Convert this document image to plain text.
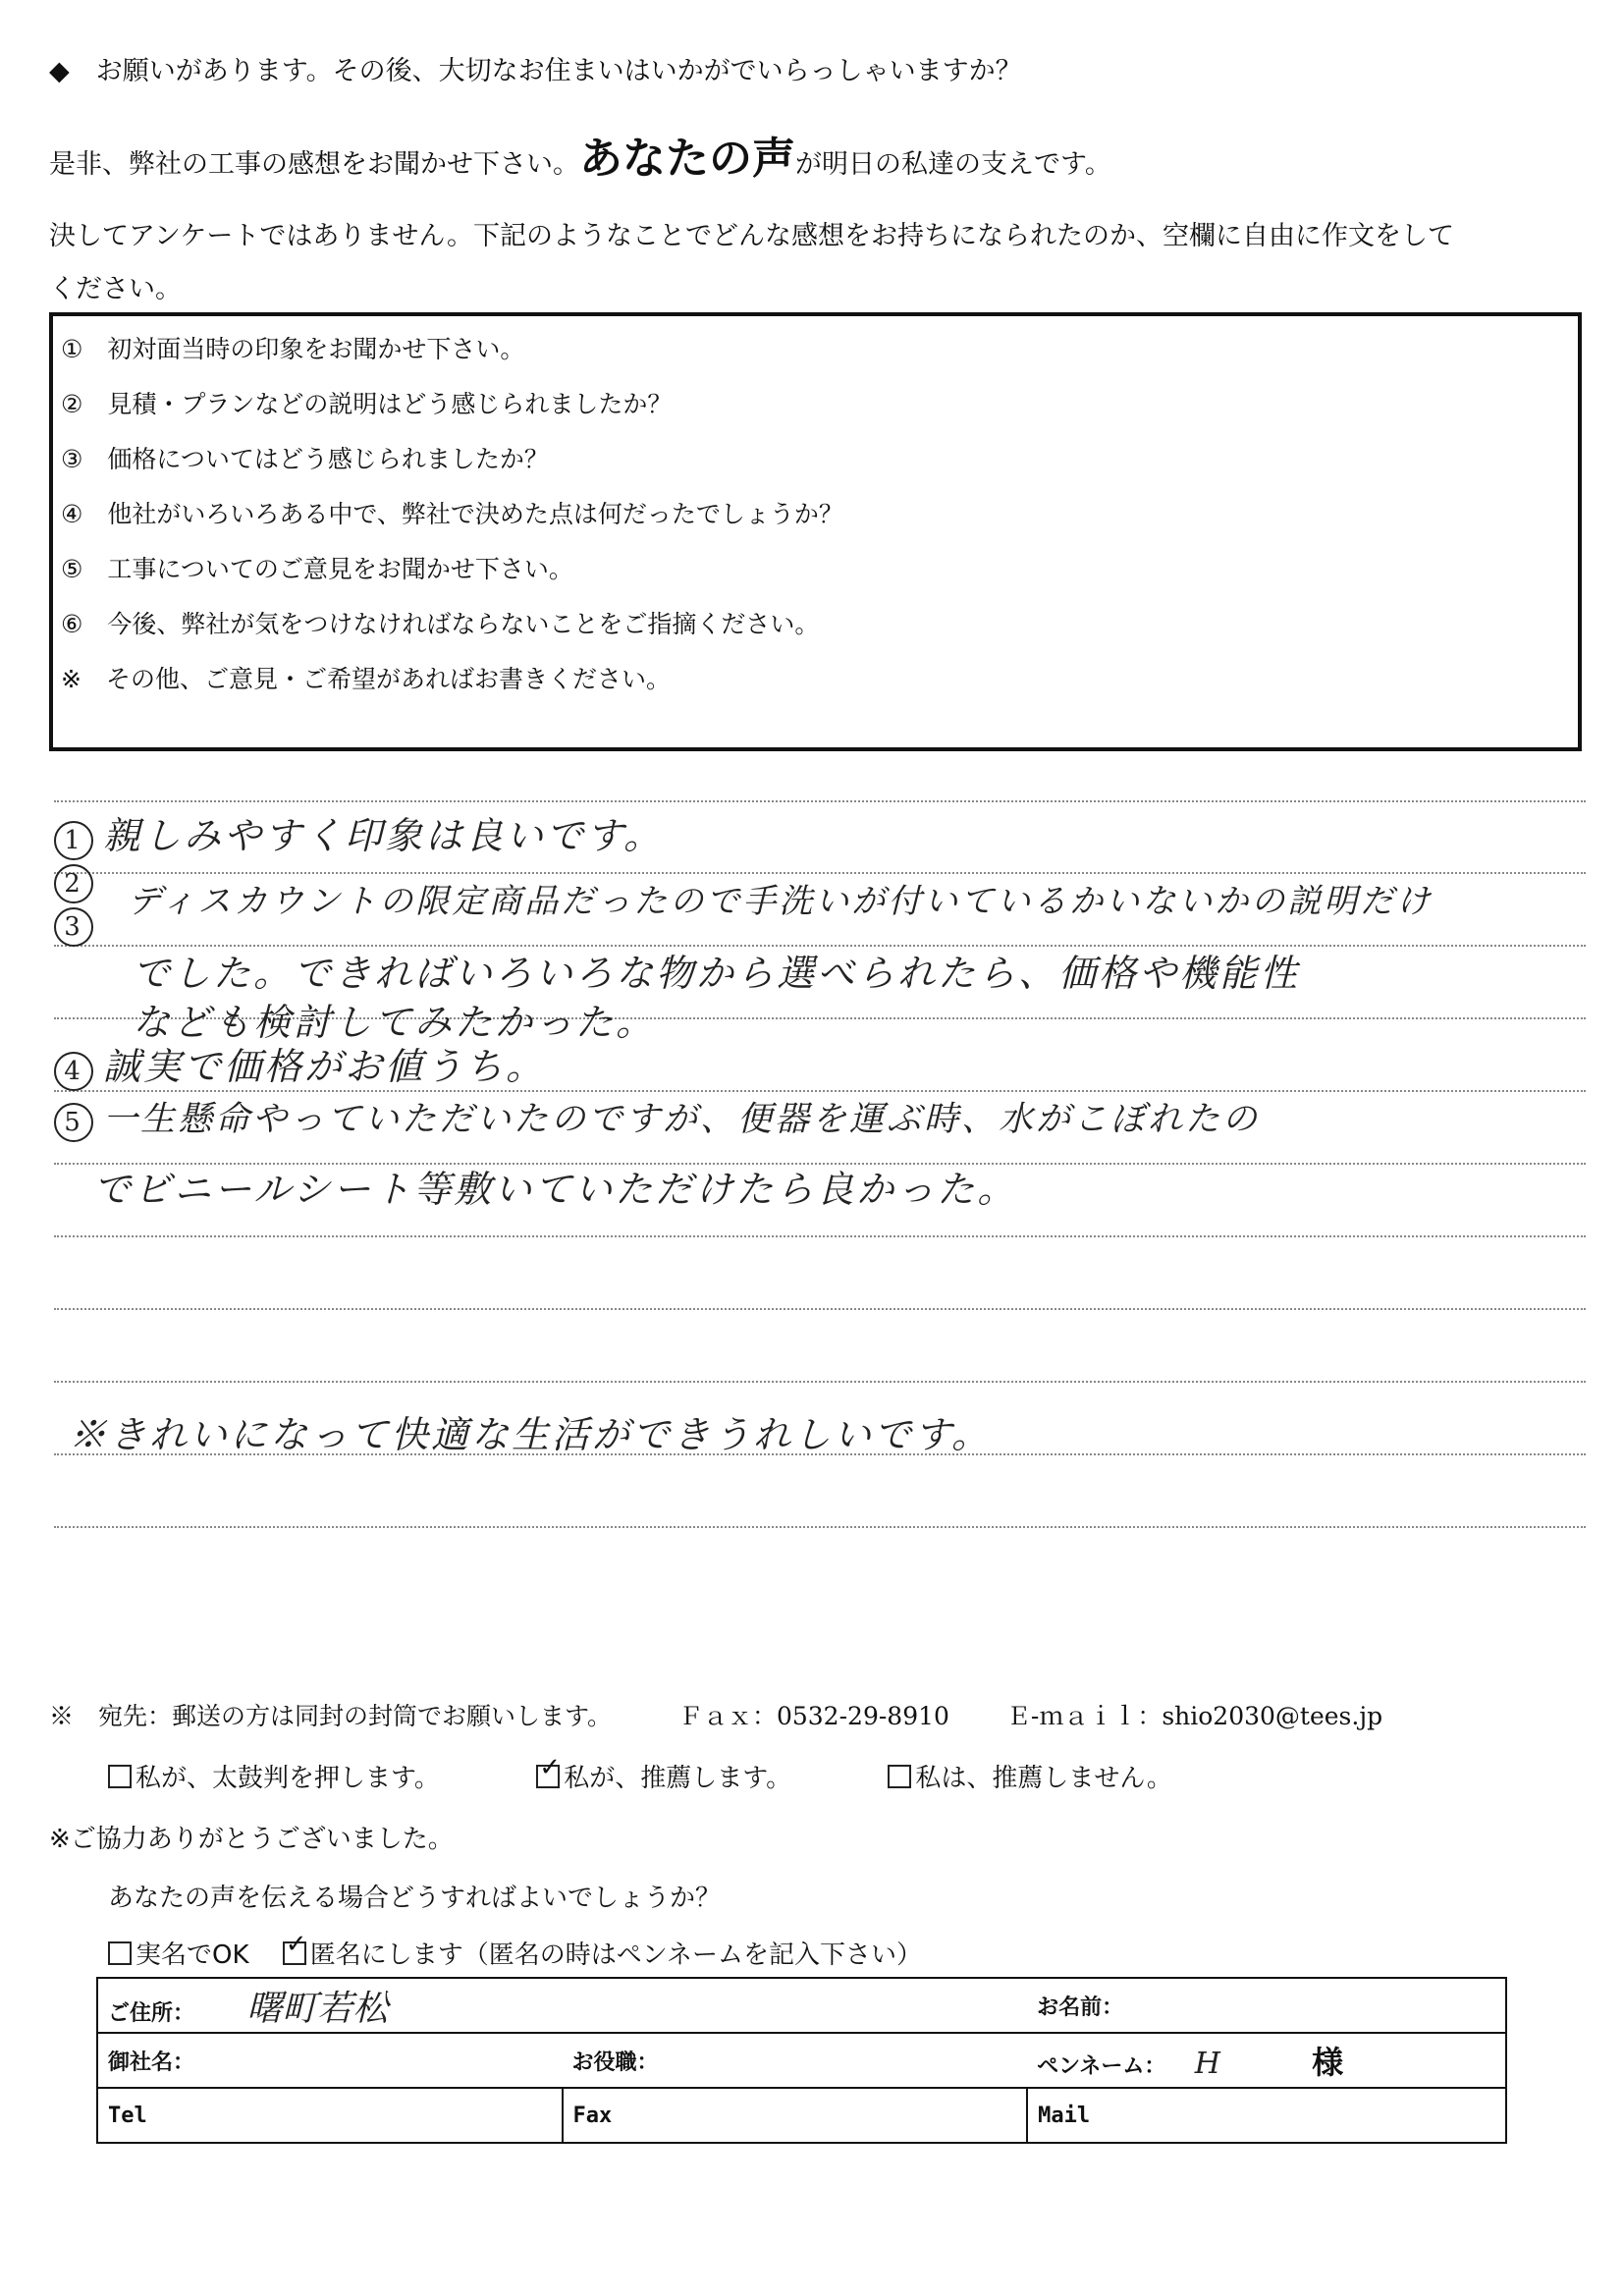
◆　お願いがあります。その後、大切なお住まいはいかがでいらっしゃいますか？
是非、弊社の工事の感想をお聞かせ下さい。あなたの声が明日の私達の支えです。
決してアンケートではありません。下記のようなことでどんな感想をお持ちになられたのか、空欄に自由に作文をして
ください。
①　初対面当時の印象をお聞かせ下さい。
②　見積・プランなどの説明はどう感じられましたか？
③　価格についてはどう感じられましたか？
④　他社がいろいろある中で、弊社で決めた点は何だったでしょうか？
⑤　工事についてのご意見をお聞かせ下さい。
⑥　今後、弊社が気をつけなければならないことをご指摘ください。
※　その他、ご意見・ご希望があればお書きください。
1 親しみやすく印象は良いです。
2
3
ディスカウントの限定商品だったので手洗いが付いているかいないかの説明だけ
でした。できればいろいろな物から選べられたら、価格や機能性
なども検討してみたかった。
4 誠実で価格がお値うち。
5 一生懸命やっていただいたのですが、便器を運ぶ時、水がこぼれたの
でビニールシート等敷いていただけたら良かった。
※きれいになって快適な生活ができうれしいです。
※　宛先：郵送の方は同封の封筒でお願いします。	Ｆａｘ：0532-29-8910 Ｅ-ｍａｉｌ：shio2030@tees.jp
私が、太鼓判を押します。 ✓	私が、推薦します。	私は、推薦しません。
※ご協力ありがとうございました。
あなたの声を伝える場合どうすればよいでしょうか？
実名でOK ✓ 匿名にします（匿名の時はペンネームを記入下さい）
ご住所： 曙町若松		お名前：
御社名：	お役職：	ペンネーム： H 様
Tel	Fax	Mail
